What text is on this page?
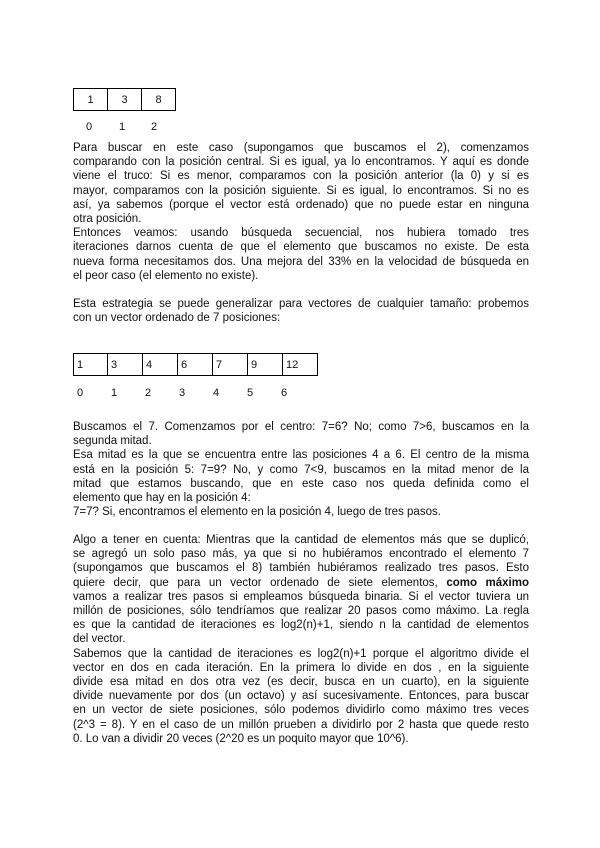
1	3	8
0 1 2

Para buscar en este caso (supongamos que buscamos el 2), comenzamos
comparando con la posición central. Si es igual, ya lo encontramos. Y aquí es donde
viene el truco: Si es menor, comparamos con la posición anterior (la 0) y si es
mayor, comparamos con la posición siguiente. Si es igual, lo encontramos. Si no es
así, ya sabemos (porque el vector está ordenado) que no puede estar en ninguna
otra posición.
Entonces veamos: usando búsqueda secuencial, nos hubiera tomado tres
iteraciones darnos cuenta de que el elemento que buscamos no existe. De esta
nueva forma necesitamos dos. Una mejora del 33% en la velocidad de búsqueda en
el peor caso (el elemento no existe).

Esta estrategia se puede generalizar para vectores de cualquier tamaño: probemos
con un vector ordenado de 7 posiciones:

1	3	4	6	7	9	12
0	1	2	3	4	5	6

Buscamos el 7. Comenzamos por el centro: 7=6? No; como 7>6, buscamos en la
segunda mitad.
Esa mitad es la que se encuentra entre las posiciones 4 a 6. El centro de la misma
está en la posición 5: 7=9? No, y como 7<9, buscamos en la mitad menor de la
mitad que estamos buscando, que en este caso nos queda definida como el
elemento que hay en la posición 4:
7=7? Si, encontramos el elemento en la posición 4, luego de tres pasos.

Algo a tener en cuenta: Mientras que la cantidad de elementos más que se duplicó,
se agregó un solo paso más, ya que si no hubiéramos encontrado el elemento 7
(supongamos que buscamos el 8) también hubiéramos realizado tres pasos. Esto
quiere decir, que para un vector ordenado de siete elementos, como máximo
vamos a realizar tres pasos si empleamos búsqueda binaria. Si el vector tuviera un
millón de posiciones, sólo tendríamos que realizar 20 pasos como máximo. La regla
es que la cantidad de iteraciones es log2(n)+1, siendo n la cantidad de elementos
del vector.
Sabemos que la cantidad de iteraciones es log2(n)+1 porque el algoritmo divide el
vector en dos en cada iteración. En la primera lo divide en dos , en la siguiente
divide esa mitad en dos otra vez (es decir, busca en un cuarto), en la siguiente
divide nuevamente por dos (un octavo) y así sucesivamente. Entonces, para buscar
en un vector de siete posiciones, sólo podemos dividirlo como máximo tres veces
(2^3 = 8). Y en el caso de un millón prueben a dividirlo por 2 hasta que quede resto
0. Lo van a dividir 20 veces (2^20 es un poquito mayor que 10^6).
